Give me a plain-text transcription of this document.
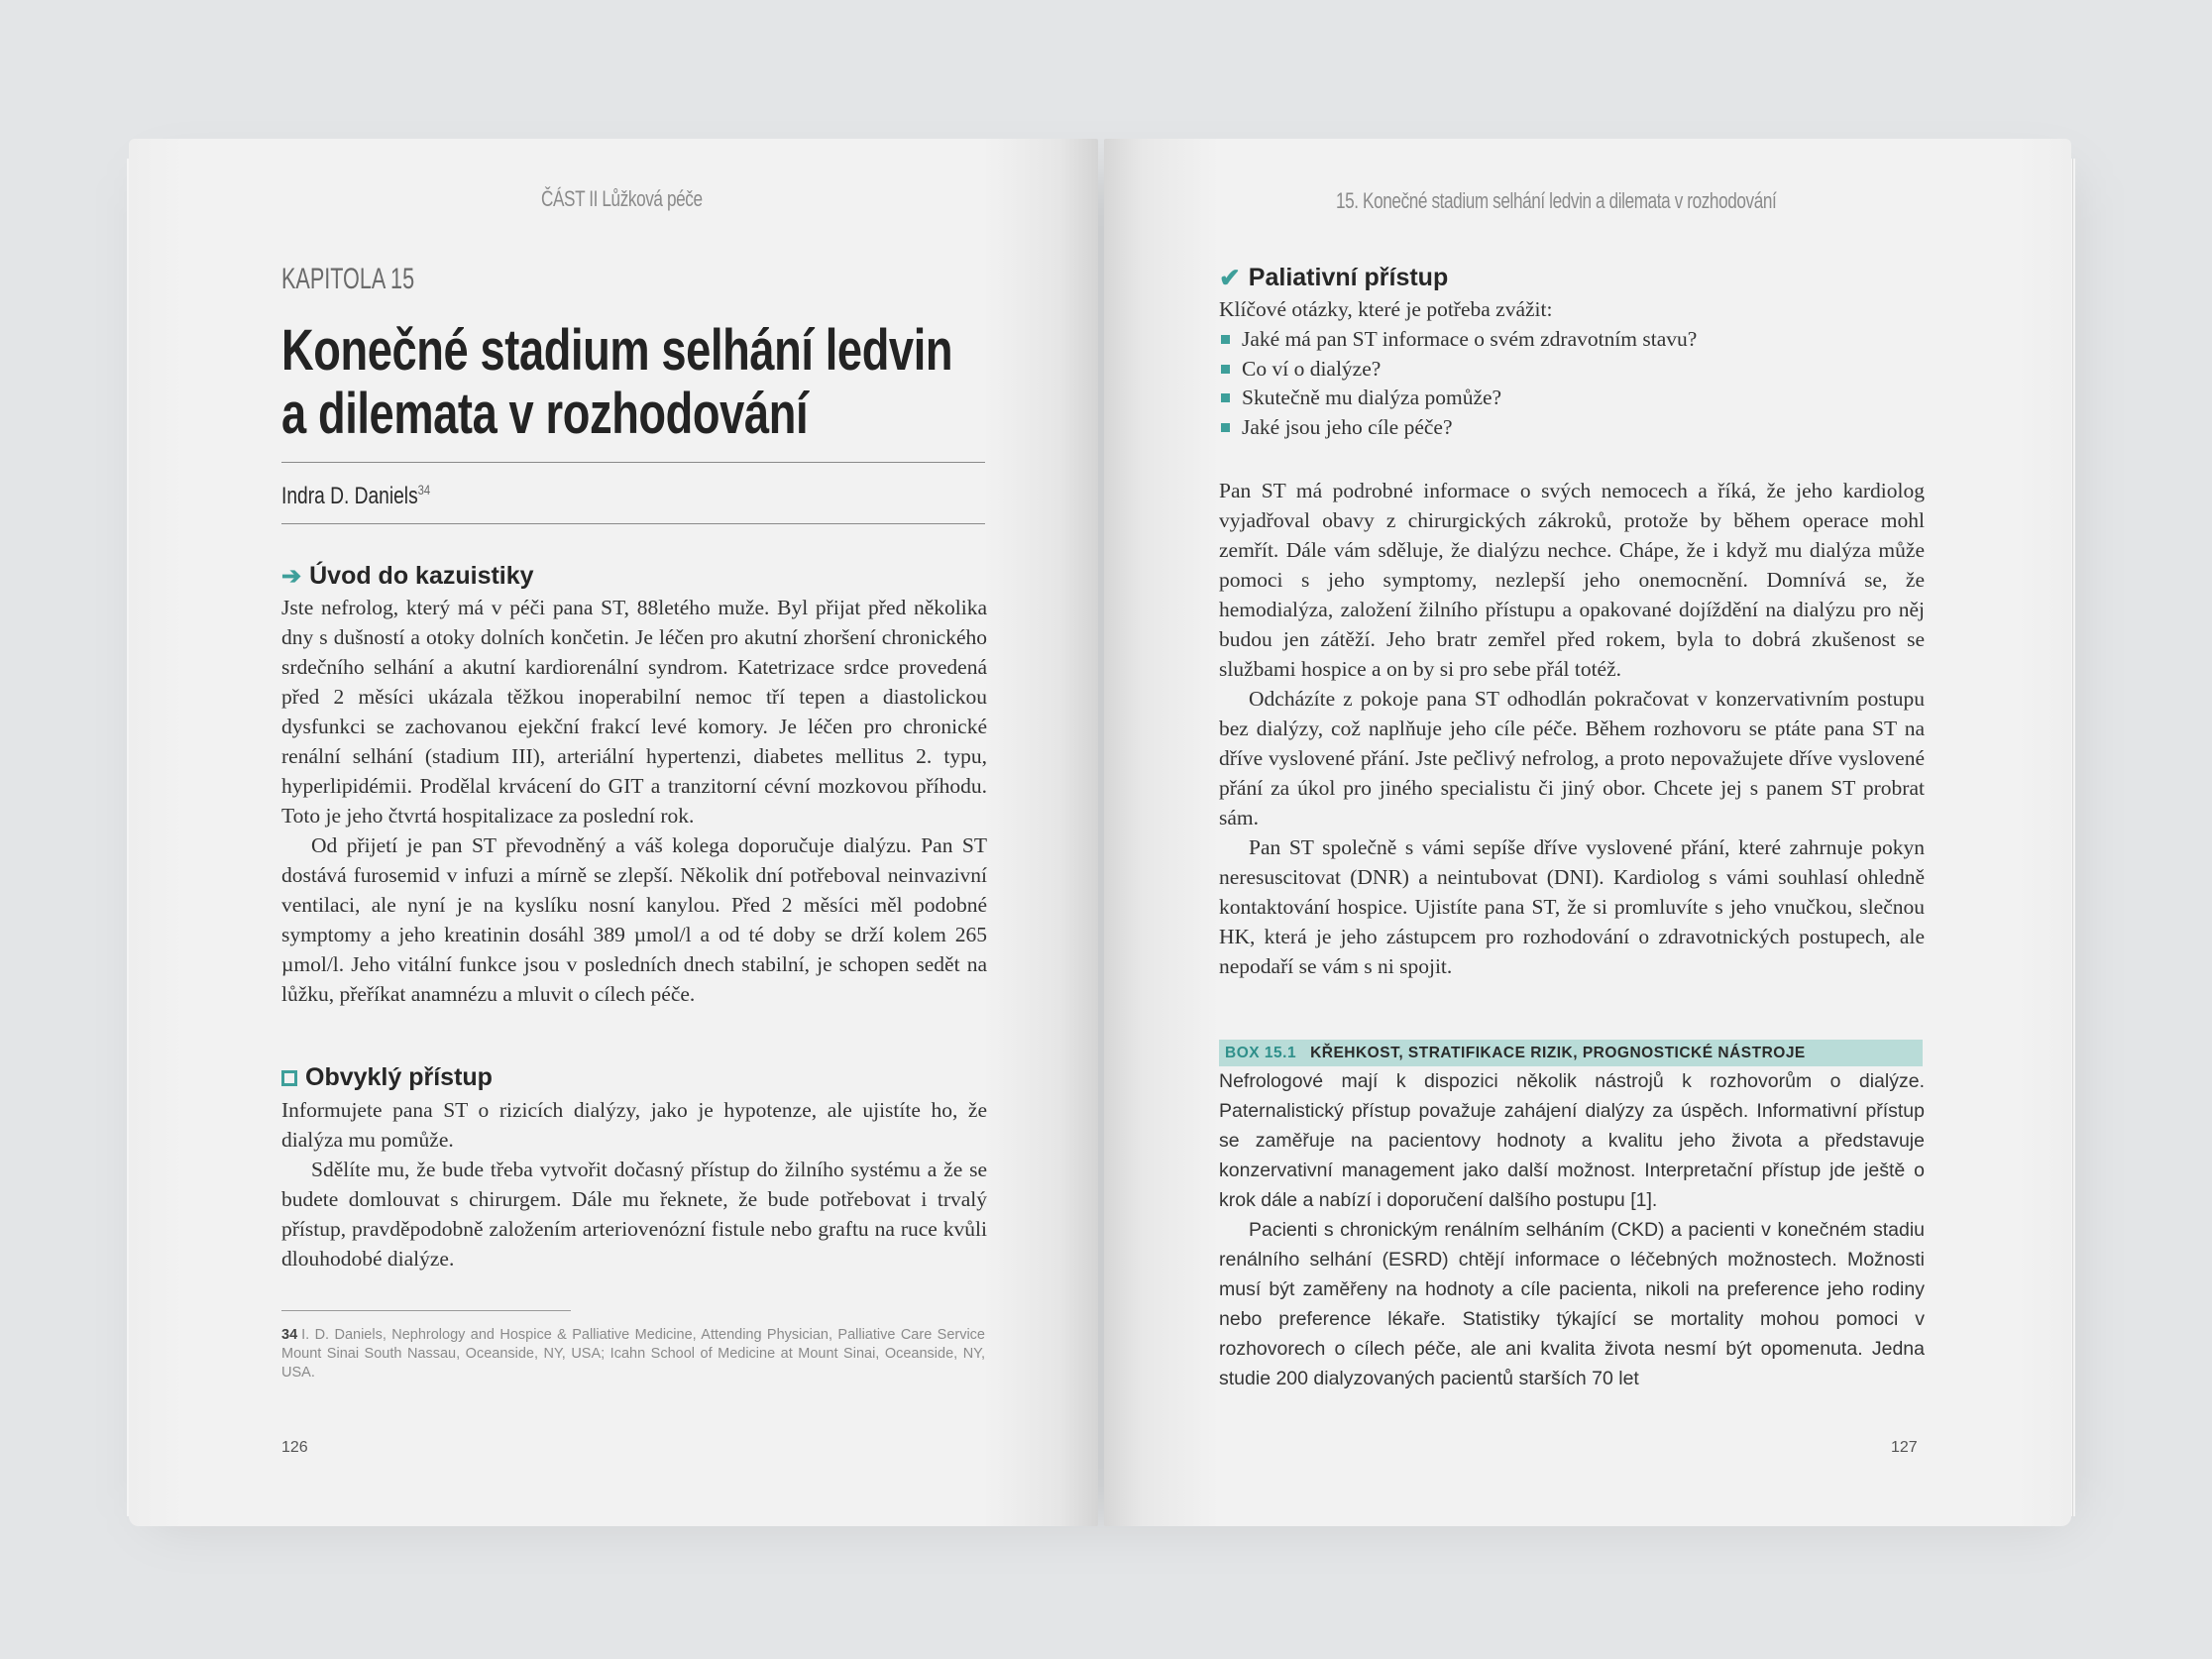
ČÁST II Lůžková péče
KAPITOLA 15
Konečné stadium selhání ledvin
a dilemata v rozhodování
Indra D. Daniels$^{34}$
➔ Úvod do kazuistiky

Jste nefrolog, který má v péči pana ST, 88letého muže. Byl přijat před několika dny s dušností a otoky dolních končetin. Je léčen pro akutní zhoršení chronického srdečního selhání a akutní kardiorenální syndrom. Katetrizace srdce provedená před 2 měsíci ukázala těžkou inoperabilní nemoc tří tepen a diastolickou dysfunkci se zachovanou ejekční frakcí levé komory. Je léčen pro chronické renální selhání (stadium III), arteriální hypertenzi, diabetes mellitus 2. typu, hyperlipidémii. Prodělal krvácení do GIT a tranzitorní cévní mozkovou příhodu. Toto je jeho čtvrtá hospitalizace za poslední rok.

Od přijetí je pan ST převodněný a váš kolega doporučuje dialýzu. Pan ST dostává furosemid v infuzi a mírně se zlepší. Několik dní potřeboval neinvazivní ventilaci, ale nyní je na kyslíku nosní kanylou. Před 2 měsíci měl podobné symptomy a jeho kreatinin dosáhl 389 µmol/l a od té doby se drží kolem 265 µmol/l. Jeho vitální funkce jsou v posledních dnech stabilní, je schopen sedět na lůžku, přeříkat anamnézu a mluvit o cílech péče.

Obvyklý přístup

Informujete pana ST o rizicích dialýzy, jako je hypotenze, ale ujistíte ho, že dialýza mu pomůže.

Sdělíte mu, že bude třeba vytvořit dočasný přístup do žilního systému a že se budete domlouvat s chirurgem. Dále mu řeknete, že bude potřebovat i trvalý přístup, pravděpodobně založením arteriovenózní fistule nebo graftu na ruce kvůli dlouhodobé dialýze.

34 I. D. Daniels, Nephrology and Hospice & Palliative Medicine, Attending Physician, Palliative Care Service Mount Sinai South Nassau, Oceanside, NY, USA; Icahn School of Medicine at Mount Sinai, Oceanside, NY, USA.
126
15. Konečné stadium selhání ledvin a dilemata v rozhodování
✔ Paliativní přístup
Klíčové otázky, které je potřeba zvážit:
Jaké má pan ST informace o svém zdravotním stavu?
Co ví o dialýze?
Skutečně mu dialýza pomůže?
Jaké jsou jeho cíle péče?

Pan ST má podrobné informace o svých nemocech a říká, že jeho kardiolog vyjadřoval obavy z chirurgických zákroků, protože by během operace mohl zemřít. Dále vám sděluje, že dialýzu nechce. Chápe, že i když mu dialýza může pomoci s jeho symptomy, nezlepší jeho onemocnění. Domnívá se, že hemodialýza, založení žilního přístupu a opakované dojíždění na dialýzu pro něj budou jen zátěží. Jeho bratr zemřel před rokem, byla to dobrá zkušenost se službami hospice a on by si pro sebe přál totéž.

Odcházíte z pokoje pana ST odhodlán pokračovat v konzervativním postupu bez dialýzy, což naplňuje jeho cíle péče. Během rozhovoru se ptáte pana ST na dříve vyslovené přání. Jste pečlivý nefrolog, a proto nepovažujete dříve vyslovené přání za úkol pro jiného specialistu či jiný obor. Chcete jej s panem ST probrat sám.

Pan ST společně s vámi sepíše dříve vyslovené přání, které zahrnuje pokyn neresuscitovat (DNR) a neintubovat (DNI). Kardiolog s vámi souhlasí ohledně kontaktování hospice. Ujistíte pana ST, že si promluvíte s jeho vnučkou, slečnou HK, která je jeho zástupcem pro rozhodování o zdravotnických postupech, ale nepodaří se vám s ni spojit.

BOX 15.1 KŘEHKOST, STRATIFIKACE RIZIK, PROGNOSTICKÉ NÁSTROJE

Nefrologové mají k dispozici několik nástrojů k rozhovorům o dialýze. Paternalistický přístup považuje zahájení dialýzy za úspěch. Informativní přístup se zaměřuje na pacientovy hodnoty a kvalitu jeho života a představuje konzervativní management jako další možnost. Interpretační přístup jde ještě o krok dále a nabízí i doporučení dalšího postupu [1].

Pacienti s chronickým renálním selháním (CKD) a pacienti v konečném stadiu renálního selhání (ESRD) chtějí informace o léčebných možnostech. Možnosti musí být zaměřeny na hodnoty a cíle pacienta, nikoli na preference jeho rodiny nebo preference lékaře. Statistiky týkající se mortality mohou pomoci v rozhovorech o cílech péče, ale ani kvalita života nesmí být opomenuta. Jedna studie 200 dialyzovaných pacientů starších 70 let

127
